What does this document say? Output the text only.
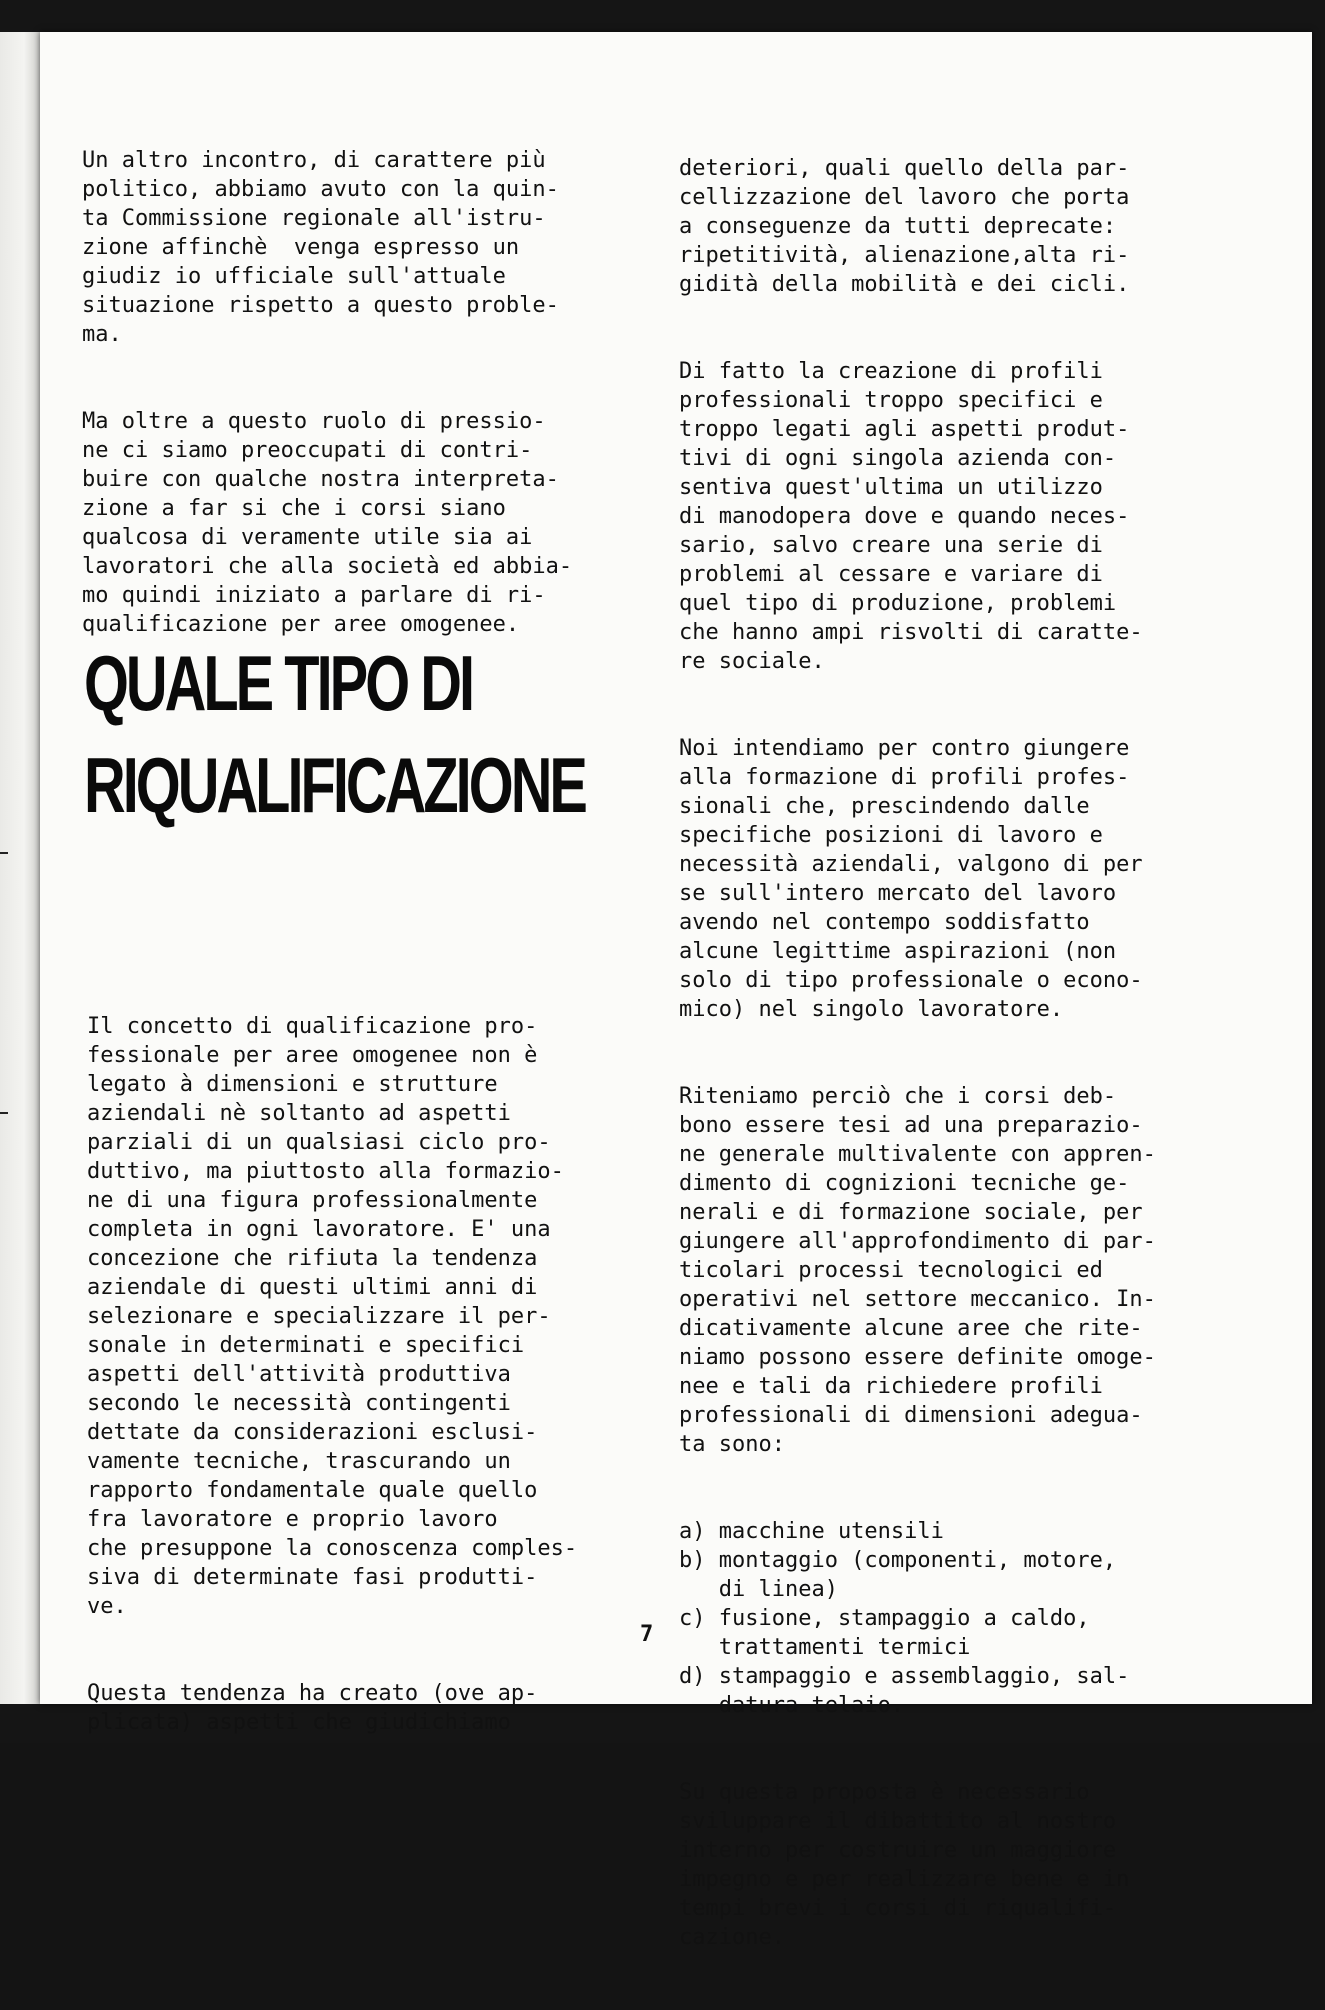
Un altro incontro, di carattere più
politico, abbiamo avuto con la quin-
ta Commissione regionale all'istru-
zione affinchè  venga espresso un
giudiz io ufficiale sull'attuale
situazione rispetto a questo proble-
ma.

Ma oltre a questo ruolo di pressio-
ne ci siamo preoccupati di contri-
buire con qualche nostra interpreta-
zione a far si che i corsi siano
qualcosa di veramente utile sia ai
lavoratori che alla società ed abbia-
mo quindi iniziato a parlare di ri-
qualificazione per aree omogenee.

QUALE TIPO DI
RIQUALIFICAZIONE

Il concetto di qualificazione pro-
fessionale per aree omogenee non è
legato à dimensioni e strutture
aziendali nè soltanto ad aspetti
parziali di un qualsiasi ciclo pro-
duttivo, ma piuttosto alla formazio-
ne di una figura professionalmente
completa in ogni lavoratore. E' una
concezione che rifiuta la tendenza
aziendale di questi ultimi anni di
selezionare e specializzare il per-
sonale in determinati e specifici
aspetti dell'attività produttiva
secondo le necessità contingenti
dettate da considerazioni esclusi-
vamente tecniche, trascurando un
rapporto fondamentale quale quello
fra lavoratore e proprio lavoro
che presuppone la conoscenza comples-
siva di determinate fasi produtti-
ve.

Questa tendenza ha creato (ove ap-
plicata) aspetti che giudichiamo

deteriori, quali quello della par-
cellizzazione del lavoro che porta
a conseguenze da tutti deprecate:
ripetitività, alienazione,alta ri-
gidità della mobilità e dei cicli.

Di fatto la creazione di profili
professionali troppo specifici e
troppo legati agli aspetti produt-
tivi di ogni singola azienda con-
sentiva quest'ultima un utilizzo
di manodopera dove e quando neces-
sario, salvo creare una serie di
problemi al cessare e variare di
quel tipo di produzione, problemi
che hanno ampi risvolti di caratte-
re sociale.

Noi intendiamo per contro giungere
alla formazione di profili profes-
sionali che, prescindendo dalle
specifiche posizioni di lavoro e
necessità aziendali, valgono di per
se sull'intero mercato del lavoro
avendo nel contempo soddisfatto
alcune legittime aspirazioni (non
solo di tipo professionale o econo-
mico) nel singolo lavoratore.

Riteniamo perciò che i corsi deb-
bono essere tesi ad una preparazio-
ne generale multivalente con appren-
dimento di cognizioni tecniche ge-
nerali e di formazione sociale, per
giungere all'approfondimento di par-
ticolari processi tecnologici ed
operativi nel settore meccanico. In-
dicativamente alcune aree che rite-
niamo possono essere definite omoge-
nee e tali da richiedere profili
professionali di dimensioni adegua-
ta sono:

a) macchine utensili
b) montaggio (componenti, motore,
di linea)
c) fusione, stampaggio a caldo,
trattamenti termici
d) stampaggio e assemblaggio, sal-
datura telaio.

Su questa proposta è necessario
sviluppare il dibattito al nostro
interno per costruire un maggiore
impegno e per realizzare bene e in
tempi brevi i corsi di riqualifi-
cazione.

7
